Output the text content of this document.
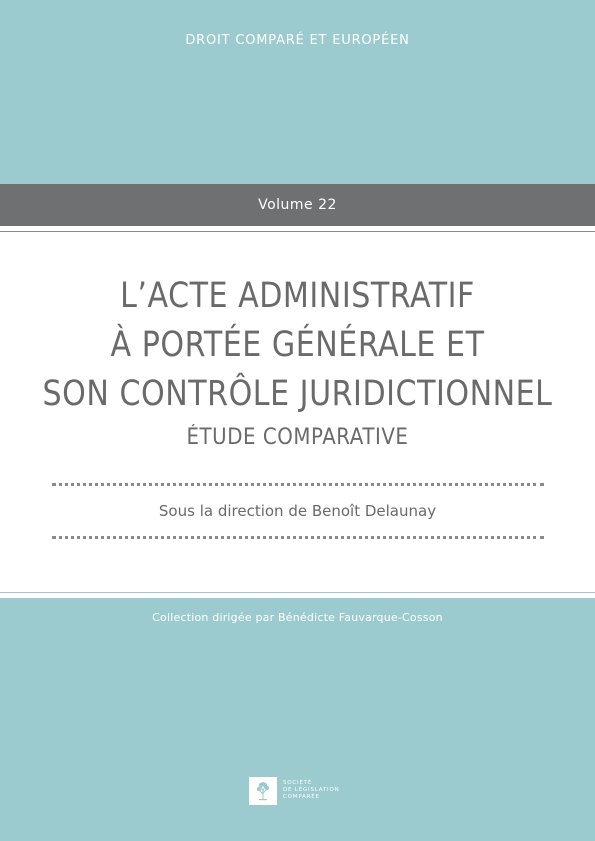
DROIT COMPARÉ ET EUROPÉEN
Volume 22
L’ACTE ADMINISTRATIF
À PORTÉE GÉNÉRALE ET
SON CONTRÔLE JURIDICTIONNEL
ÉTUDE COMPARATIVE
Sous la direction de Benoît Delaunay
Collection dirigée par Bénédicte Fauvarque-Cosson
SOCIÉTÉ
DE LÉGISLATION
COMPARÉE
